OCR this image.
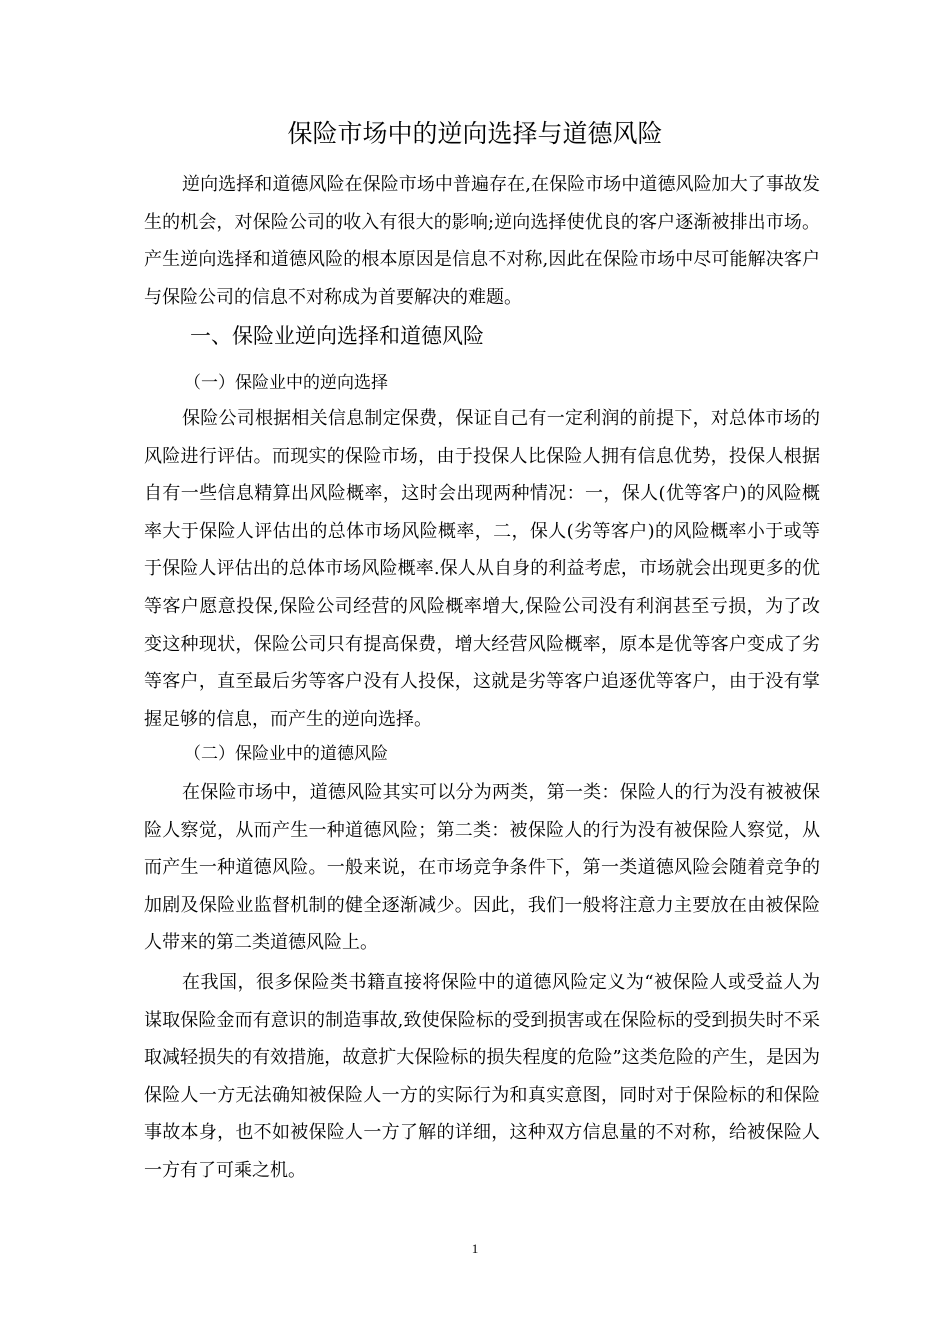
保险市场中的逆向选择与道德风险

逆向选择和道德风险在保险市场中普遍存在,在保险市场中道德风险加大了事故发生的机会，对保险公司的收入有很大的影响;逆向选择使优良的客户逐渐被排出市场。产生逆向选择和道德风险的根本原因是信息不对称,因此在保险市场中尽可能解决客户与保险公司的信息不对称成为首要解决的难题。

一、保险业逆向选择和道德风险
（一）保险业中的逆向选择

保险公司根据相关信息制定保费，保证自己有一定利润的前提下，对总体市场的风险进行评估。而现实的保险市场，由于投保人比保险人拥有信息优势，投保人根据自有一些信息精算出风险概率，这时会出现两种情况：一，保人(优等客户)的风险概率大于保险人评估出的总体市场风险概率，二，保人(劣等客户)的风险概率小于或等于保险人评估出的总体市场风险概率.保人从自身的利益考虑，市场就会出现更多的优等客户愿意投保,保险公司经营的风险概率增大,保险公司没有利润甚至亏损，为了改变这种现状，保险公司只有提高保费，增大经营风险概率，原本是优等客户变成了劣等客户，直至最后劣等客户没有人投保，这就是劣等客户追逐优等客户，由于没有掌握足够的信息，而产生的逆向选择。

（二）保险业中的道德风险

在保险市场中，道德风险其实可以分为两类，第一类：保险人的行为没有被被保险人察觉，从而产生一种道德风险；第二类：被保险人的行为没有被保险人察觉，从而产生一种道德风险。一般来说，在市场竞争条件下，第一类道德风险会随着竞争的加剧及保险业监督机制的健全逐渐减少。因此，我们一般将注意力主要放在由被保险人带来的第二类道德风险上。

在我国，很多保险类书籍直接将保险中的道德风险定义为“被保险人或受益人为谋取保险金而有意识的制造事故,致使保险标的受到损害或在保险标的受到损失时不采取减轻损失的有效措施，故意扩大保险标的损失程度的危险”这类危险的产生，是因为保险人一方无法确知被保险人一方的实际行为和真实意图，同时对于保险标的和保险事故本身，也不如被保险人一方了解的详细，这种双方信息量的不对称，给被保险人一方有了可乘之机。

1
